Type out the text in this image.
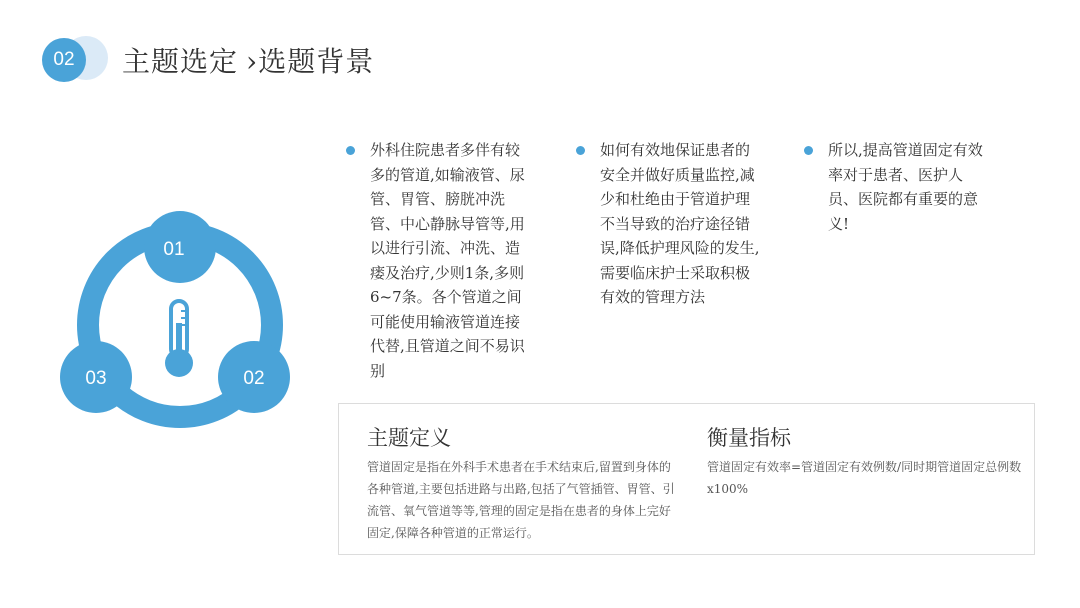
02	主题选定 ›选题背景
01
02
03
外科住院患者多伴有较多的管道,如输液管、尿管、胃管、膀胱冲洗管、中心静脉导管等,用以进行引流、冲洗、造瘘及治疗,少则1条,多则6~7条。各个管道之间可能使用输液管道连接代替,且管道之间不易识别
如何有效地保证患者的安全并做好质量监控,减少和杜绝由于管道护理不当导致的治疗途径错误,降低护理风险的发生,需要临床护士采取积极有效的管理方法
所以,提高管道固定有效率对于患者、医护人员、医院都有重要的意义!
主题定义
管道固定是指在外科手术患者在手术结束后,留置到身体的各种管道,主要包括进路与出路,包括了气管插管、胃管、引流管、氧气管道等等,管理的固定是指在患者的身体上完好固定,保障各种管道的正常运行。
衡量指标
管道固定有效率=管道固定有效例数/同时期管道固定总例数x100%
